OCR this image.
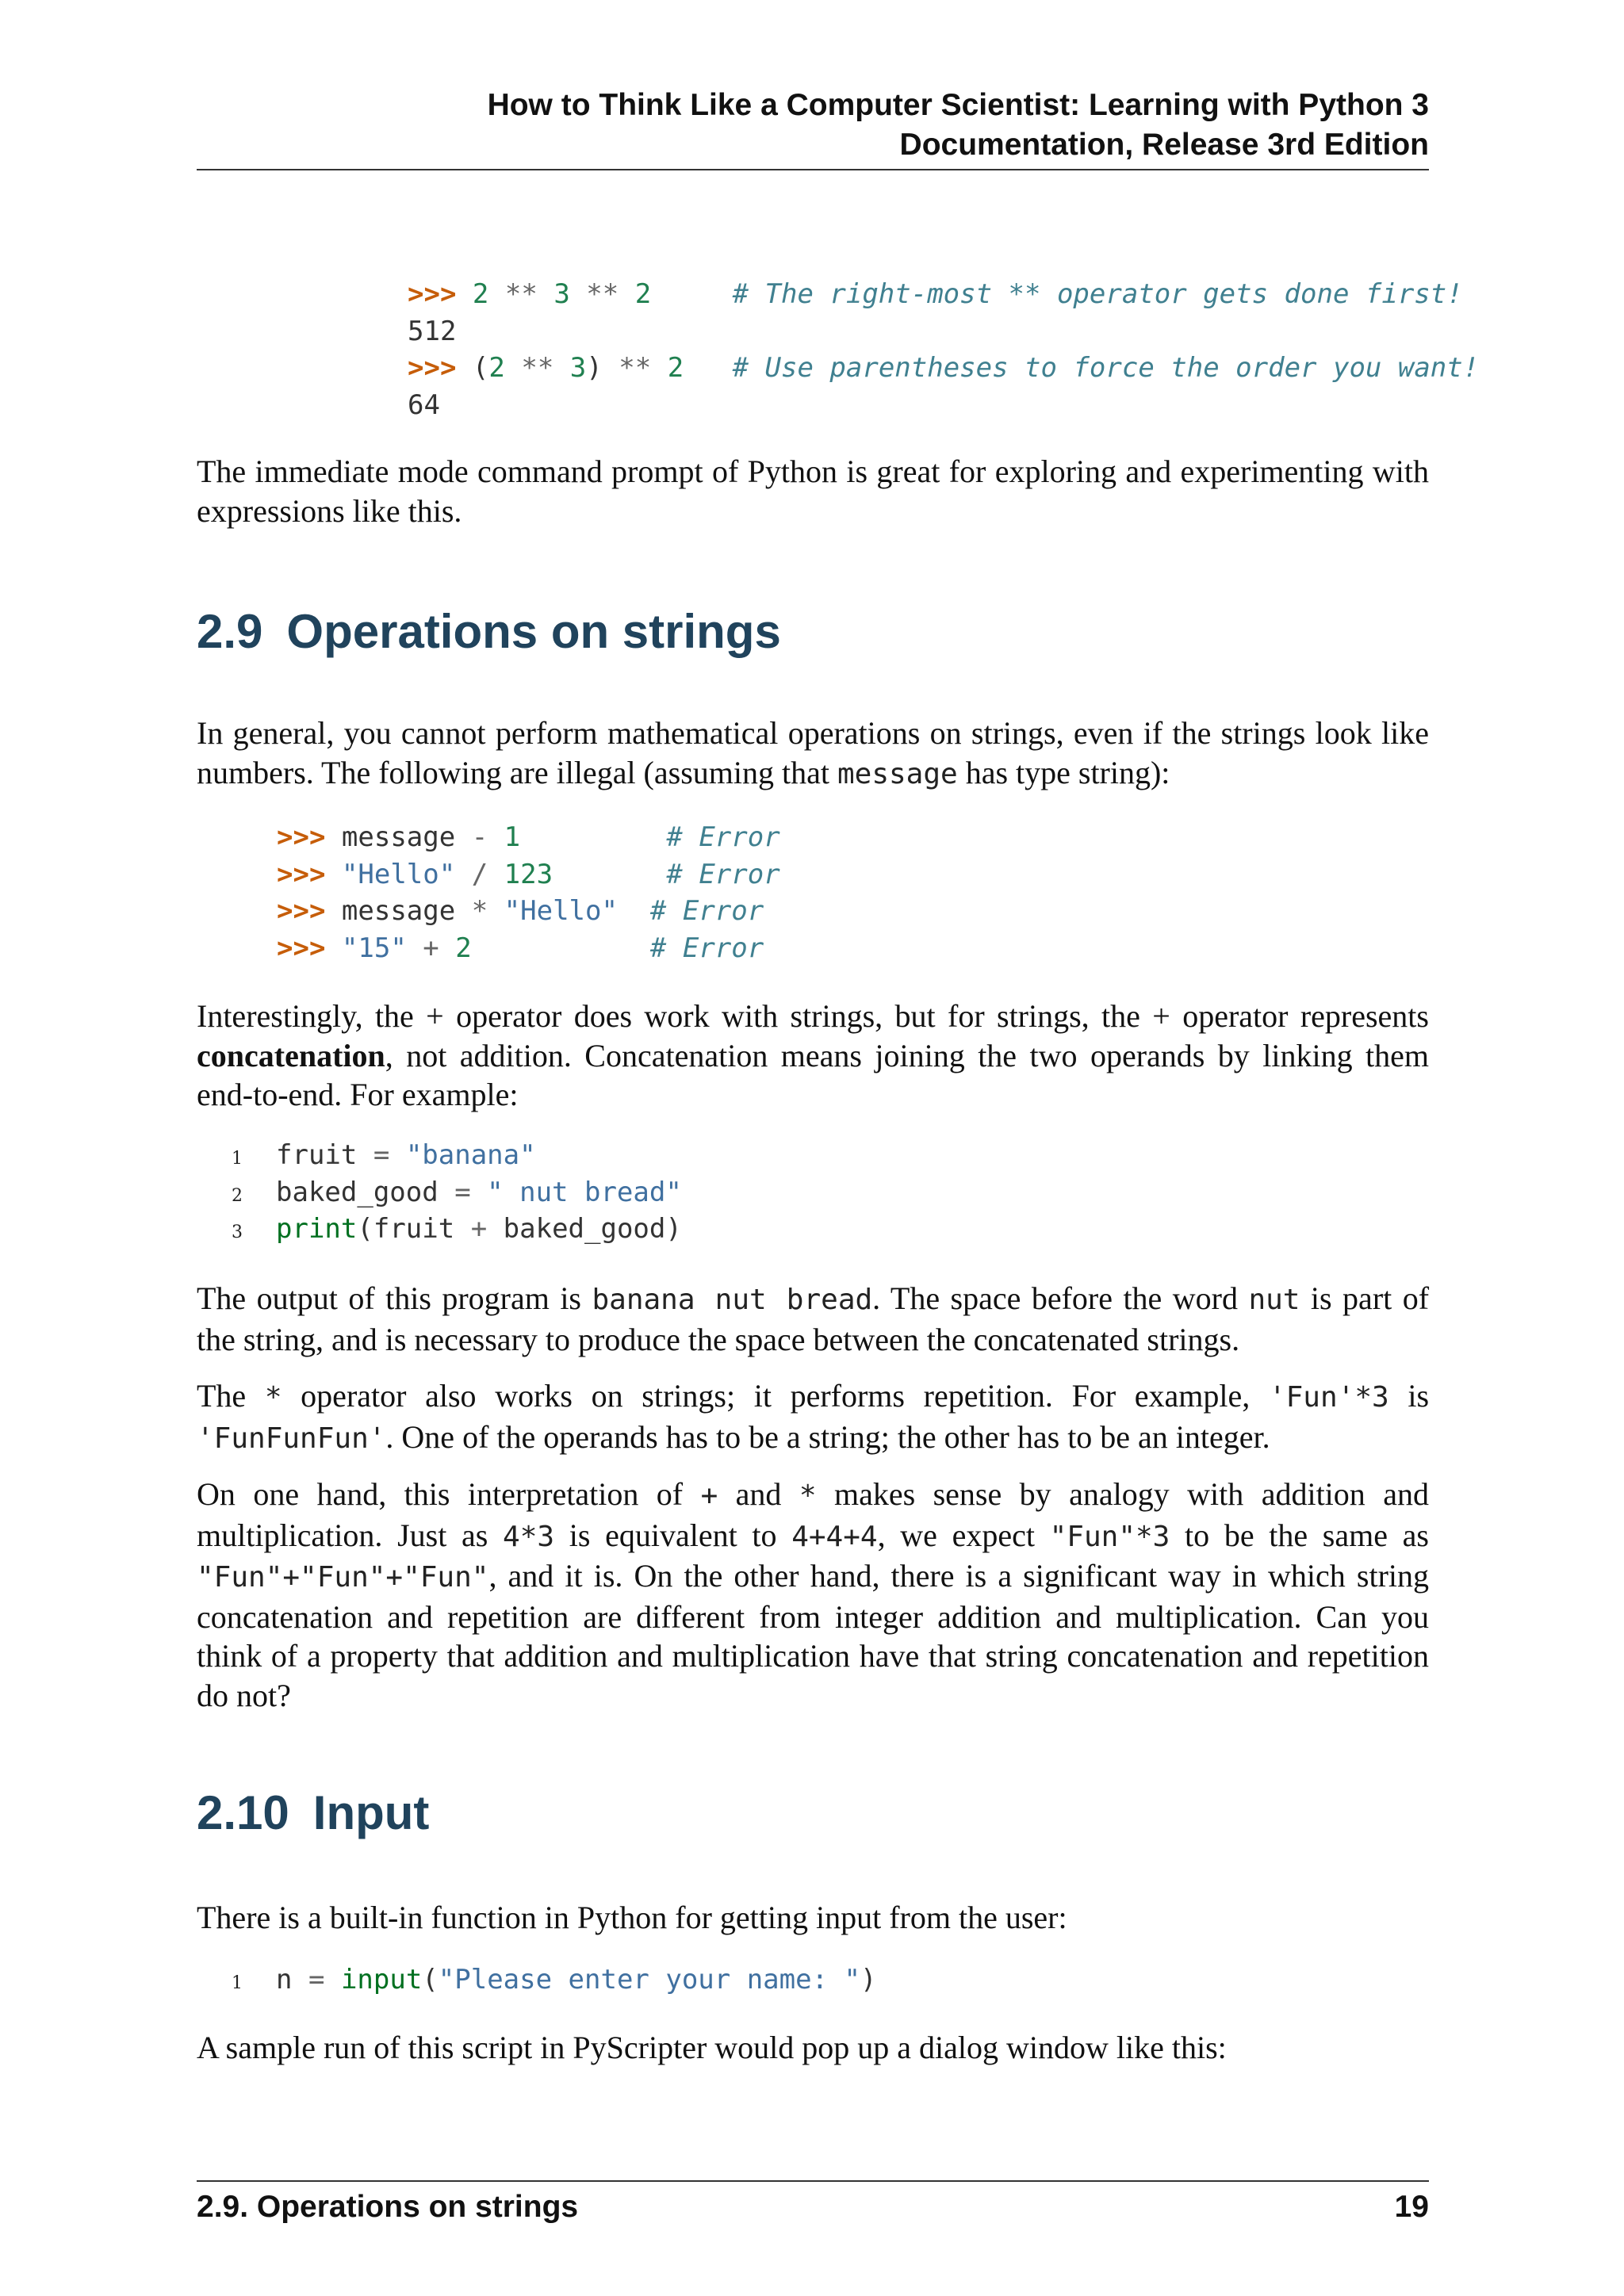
How to Think Like a Computer Scientist: Learning with Python 3
Documentation, Release 3rd Edition
>>> 2 ** 3 ** 2	# The right-most ** operator gets done first!
512
>>> (2 ** 3) ** 2 # Use parentheses to force the order you want!
64

The immediate mode command prompt of Python is great for exploring and experimenting with expressions like this.

2.9 Operations on strings

In general, you cannot perform mathematical operations on strings, even if the strings look like numbers. The following are illegal (assuming that message has type string):

>>> message - 1	# Error
>>> "Hello" / 123	# Error
>>> message * "Hello" # Error
>>> "15" + 2	# Error

Interestingly, the + operator does work with strings, but for strings, the + operator represents concatenation, not addition. Concatenation means joining the two operands by linking them end-to-end. For example:

1 fruit = "banana"
2 baked_good = " nut bread"
3 print(fruit + baked_good)

The output of this program is banana nut bread. The space before the word nut is part of the string, and is necessary to produce the space between the concatenated strings.

The * operator also works on strings; it performs repetition. For example, 'Fun'*3 is 'FunFunFun'. One of the operands has to be a string; the other has to be an integer.

On one hand, this interpretation of + and * makes sense by analogy with addition and multiplication. Just as 4*3 is equivalent to 4+4+4, we expect "Fun"*3 to be the same as "Fun"+"Fun"+"Fun", and it is. On the other hand, there is a significant way in which string concatenation and repetition are different from integer addition and multiplication. Can you think of a property that addition and multiplication have that string concatenation and repetition do not?

2.10 Input

There is a built-in function in Python for getting input from the user:

1 n = input("Please enter your name: ")

A sample run of this script in PyScripter would pop up a dialog window like this:

2.9. Operations on strings	19
